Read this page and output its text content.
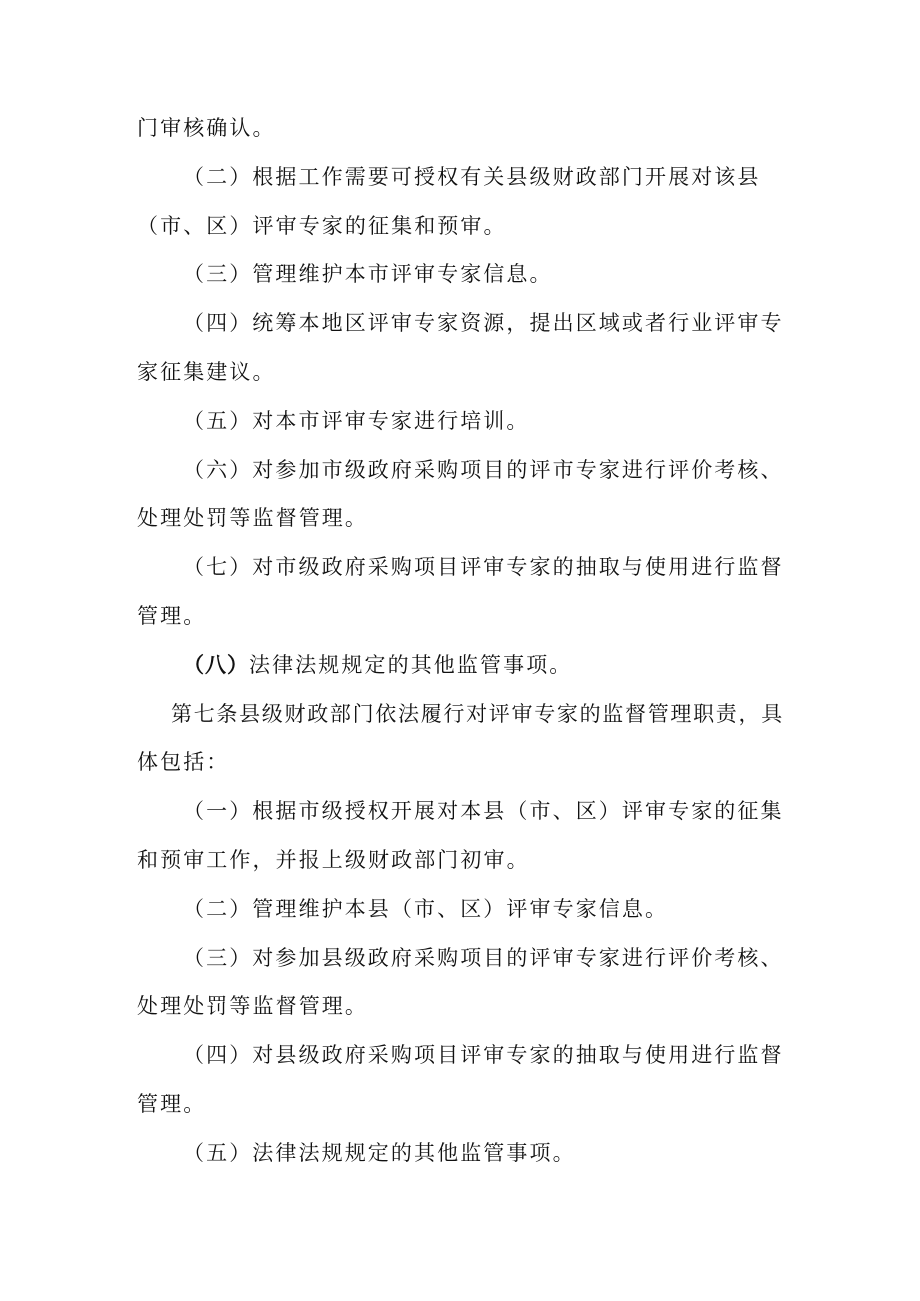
门审核确认。
（二）根据工作需要可授权有关县级财政部门开展对该县
（市、区）评审专家的征集和预审。
（三）管理维护本市评审专家信息。
（四）统筹本地区评审专家资源，提出区域或者行业评审专
家征集建议。
（五）对本市评审专家进行培训。
（六）对参加市级政府采购项目的评市专家进行评价考核、
处理处罚等监督管理。
（七）对市级政府采购项目评审专家的抽取与使用进行监督
管理。
（八）法律法规规定的其他监管事项。
第七条县级财政部门依法履行对评审专家的监督管理职责，具
体包括：
（一）根据市级授权开展对本县（市、区）评审专家的征集
和预审工作，并报上级财政部门初审。
（二）管理维护本县（市、区）评审专家信息。
（三）对参加县级政府采购项目的评审专家进行评价考核、
处理处罚等监督管理。
（四）对县级政府采购项目评审专家的抽取与使用进行监督
管理。
（五）法律法规规定的其他监管事项。
